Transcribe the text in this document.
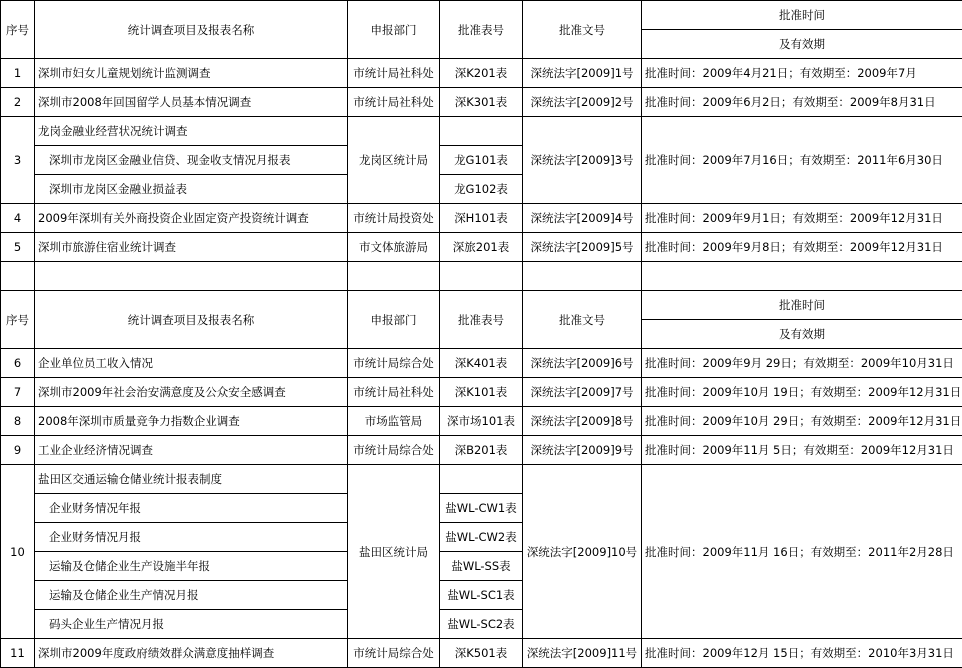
序号	统计调查项目及报表名称	申报部门	批准表号	批准文号	批准时间
					及有效期
1	深圳市妇女儿童规划统计监测调查	市统计局社科处	深K201表	深统法字[2009]1号	批准时间：2009年4月21日；有效期至：2009年7月
2	深圳市2008年回国留学人员基本情况调查	市统计局社科处	深K301表	深统法字[2009]2号	批准时间：2009年6月2日；有效期至：2009年8月31日
3	龙岗金融业经营状况统计调查	龙岗区统计局		深统法字[2009]3号	批准时间：2009年7月16日；有效期至：2011年6月30日
	深圳市龙岗区金融业信贷、现金收支情况月报表		龙G101表		
	深圳市龙岗区金融业损益表		龙G102表		
4	2009年深圳有关外商投资企业固定资产投资统计调查	市统计局投资处	深H101表	深统法字[2009]4号	批准时间：2009年9月1日；有效期至：2009年12月31日
5	深圳市旅游住宿业统计调查	市文体旅游局	深旅201表	深统法字[2009]5号	批准时间：2009年9月8日；有效期至：2009年12月31日

序号	统计调查项目及报表名称	申报部门	批准表号	批准文号	批准时间
					及有效期
6	企业单位员工收入情况	市统计局综合处	深K401表	深统法字[2009]6号	批准时间：2009年9月 29日；有效期至：2009年10月31日
7	深圳市2009年社会治安满意度及公众安全感调查	市统计局社科处	深K101表	深统法字[2009]7号	批准时间：2009年10月 19日；有效期至：2009年12月31日
8	2008年深圳市质量竞争力指数企业调查	市场监管局	深市场101表	深统法字[2009]8号	批准时间：2009年10月 29日；有效期至：2009年12月31日
9	工业企业经济情况调查	市统计局综合处	深B201表	深统法字[2009]9号	批准时间：2009年11月 5日；有效期至：2009年12月31日
10	盐田区交通运输仓储业统计报表制度	盐田区统计局		深统法字[2009]10号	批准时间：2009年11月 16日；有效期至：2011年2月28日
	企业财务情况年报		盐WL-CW1表		
	企业财务情况月报		盐WL-CW2表		
	运输及仓储企业生产设施半年报		盐WL-SS表		
	运输及仓储企业生产情况月报		盐WL-SC1表		
	码头企业生产情况月报		盐WL-SC2表		
11	深圳市2009年度政府绩效群众满意度抽样调查	市统计局综合处	深K501表	深统法字[2009]11号	批准时间：2009年12月 15日；有效期至：2010年3月31日
